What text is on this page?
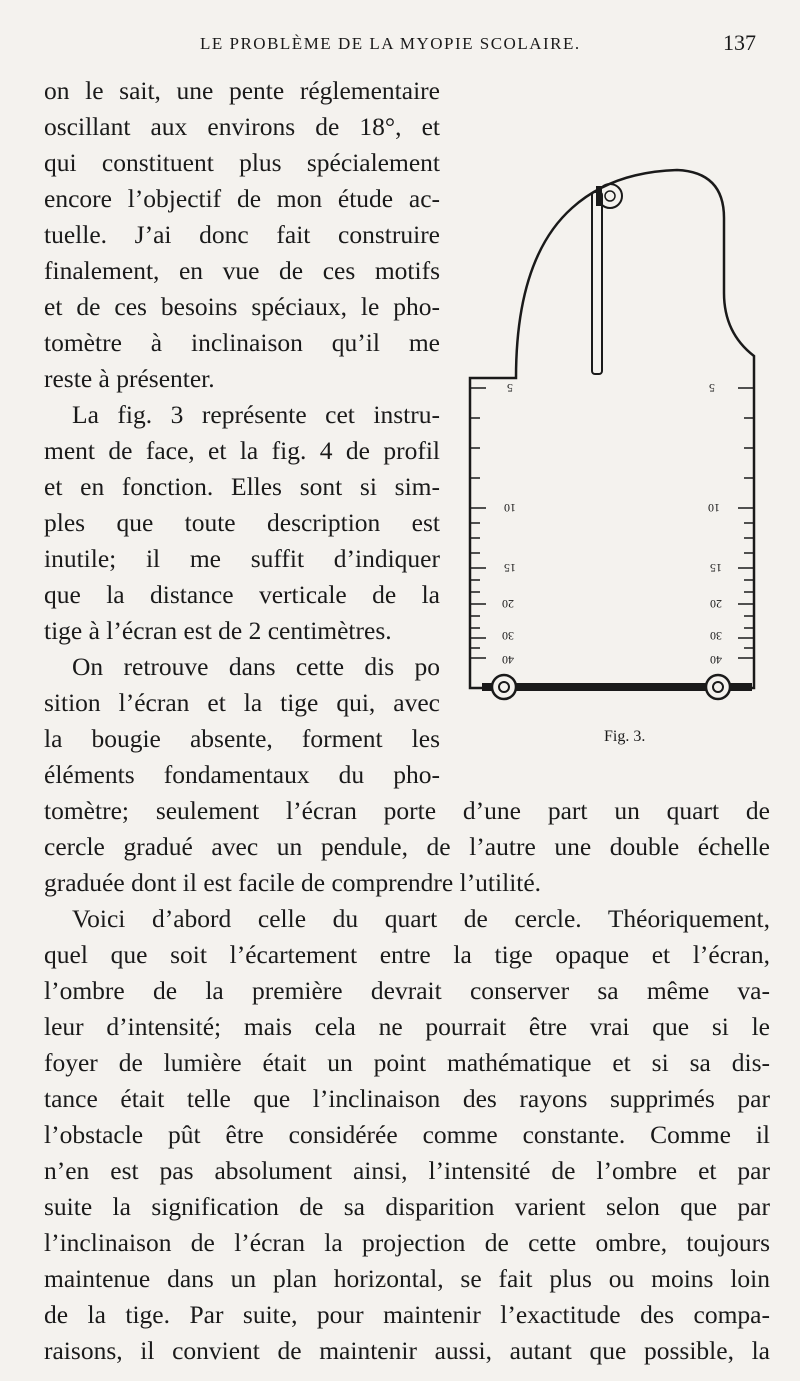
LE PROBLÈME DE LA MYOPIE SCOLAIRE.	137
on le sait, une pente réglementaire
oscillant aux environs de 18°, et
qui constituent plus spécialement
encore l’objectif de mon étude ac-
tuelle. J’ai donc fait construire
finalement, en vue de ces motifs
et de ces besoins spéciaux, le pho-
tomètre à inclinaison qu’il me
reste à présenter.
La fig. 3 représente cet instru-
ment de face, et la fig. 4 de profil
et en fonction. Elles sont si sim-
ples que toute description est
inutile; il me suffit d’indiquer
que la distance verticale de la
tige à l’écran est de 2 centimètres.
On retrouve dans cette dis po
sition l’écran et la tige qui, avec
la bougie absente, forment les
éléments fondamentaux du pho-
tomètre; seulement l’écran porte d’une part un quart de
cercle gradué avec un pendule, de l’autre une double échelle
graduée dont il est facile de comprendre l’utilité.
Voici d’abord celle du quart de cercle. Théoriquement,
quel que soit l’écartement entre la tige opaque et l’écran,
l’ombre de la première devrait conserver sa même va-
leur d’intensité; mais cela ne pourrait être vrai que si le
foyer de lumière était un point mathématique et si sa dis-
tance était telle que l’inclinaison des rayons supprimés par
l’obstacle pût être considérée comme constante. Comme il
n’en est pas absolument ainsi, l’intensité de l’ombre et par
suite la signification de sa disparition varient selon que par
l’inclinaison de l’écran la projection de cette ombre, toujours
maintenue dans un plan horizontal, se fait plus ou moins loin
de la tige. Par suite, pour maintenir l’exactitude des compa-
raisons, il convient de maintenir aussi, autant que possible, la
5	5
10	10
15	15
20	20
30	30
40	40
Fig. 3.
